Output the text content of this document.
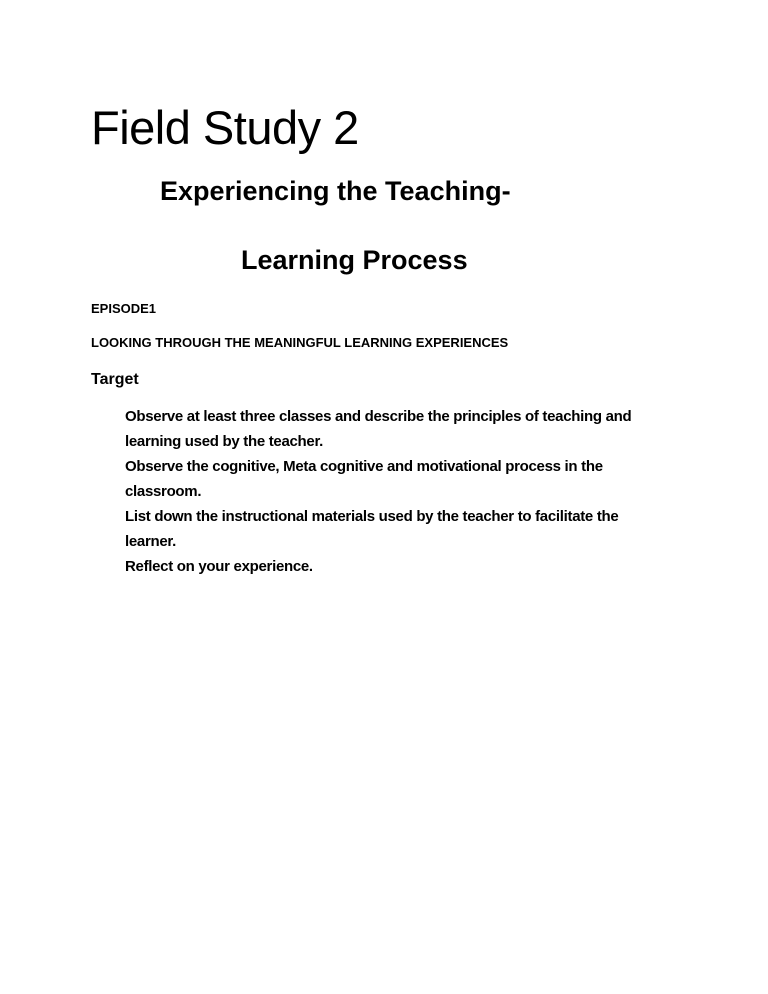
Field Study 2
Experiencing the Teaching-
Learning Process
EPISODE1
LOOKING THROUGH THE MEANINGFUL LEARNING EXPERIENCES
Target
Observe at least three classes and describe the principles of teaching and
learning used by the teacher.
Observe the cognitive, Meta cognitive and motivational process in the
classroom.
List down the instructional materials used by the teacher to facilitate the
learner.
Reflect on your experience.
